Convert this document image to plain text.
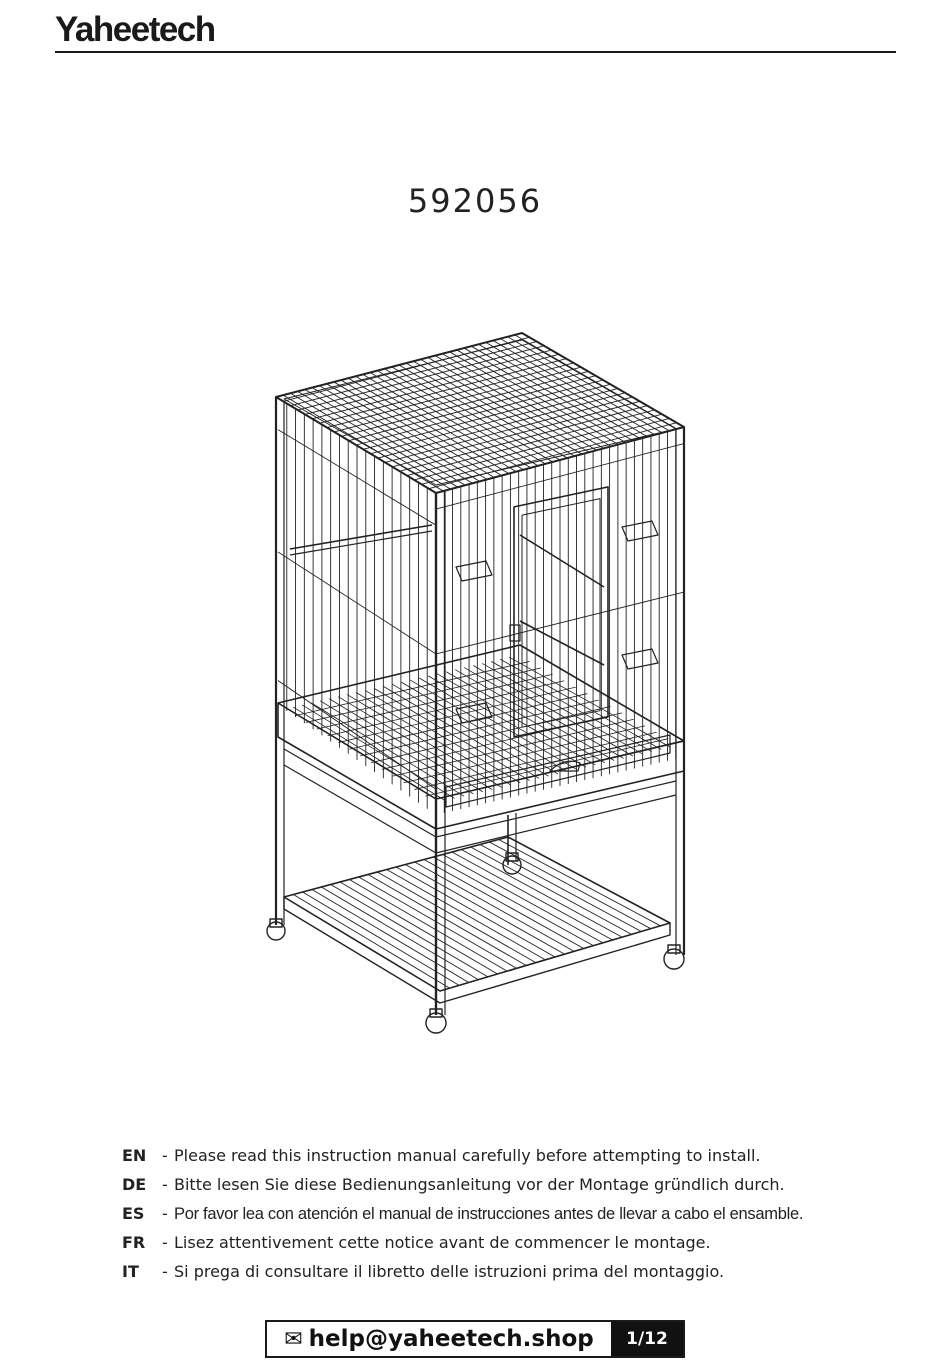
Yaheetech
592056
EN - Please read this instruction manual carefully before attempting to install.
DE - Bitte lesen Sie diese Bedienungsanleitung vor der Montage gründlich durch.
ES	- Por favor lea con atención el manual de instrucciones antes de llevar a cabo el ensamble.
FR	- Lisez attentivement cette notice avant de commencer le montage.
IT	- Si prega di consultare il libretto delle istruzioni prima del montaggio.
✉ help@yaheetech.shop	1/12
